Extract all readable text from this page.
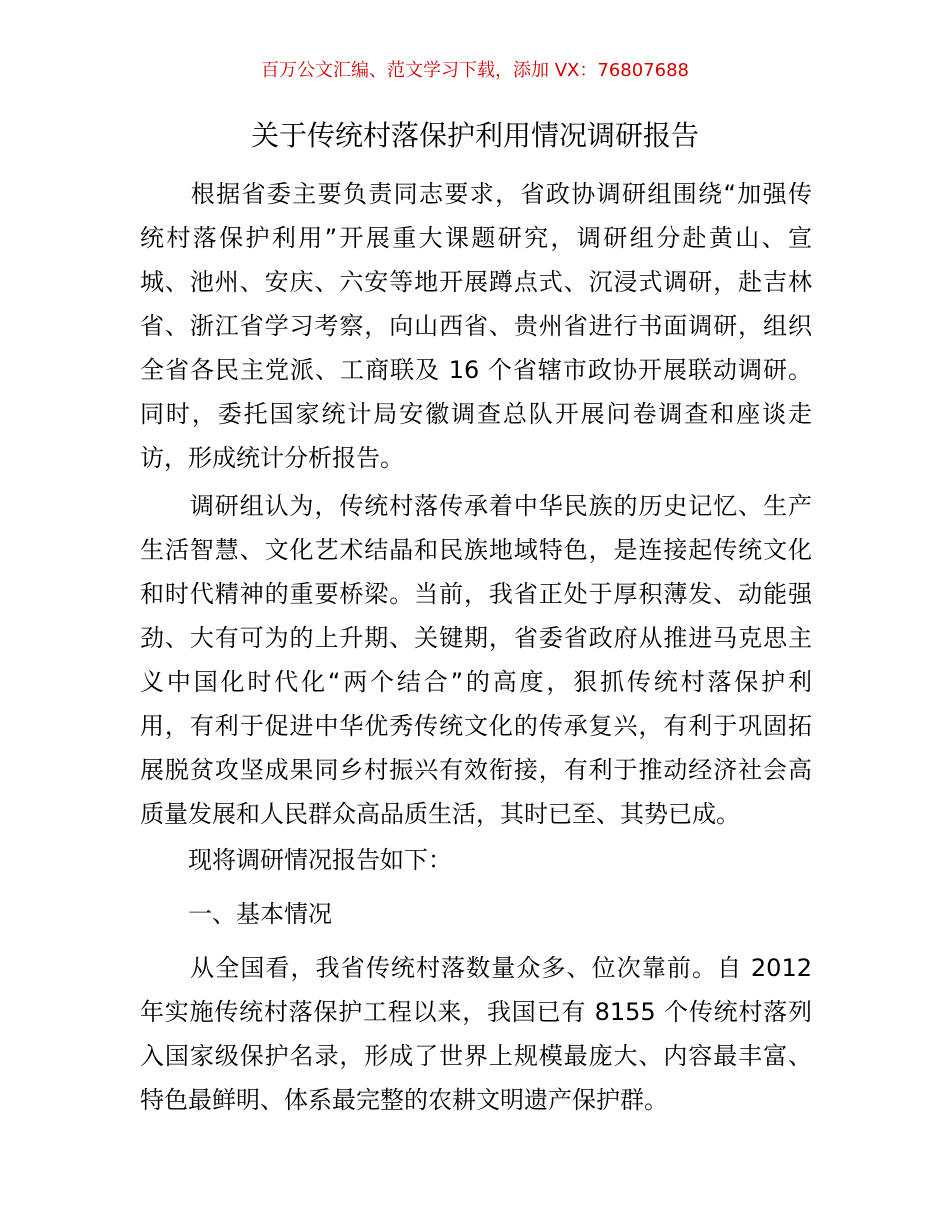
百万公文汇编、范文学习下载，添加 VX：76807688
关于传统村落保护利用情况调研报告
　　根据省委主要负责同志要求，省政协调研组围绕“加强传
统村落保护利用”开展重大课题研究，调研组分赴黄山、宣
城、池州、安庆、六安等地开展蹲点式、沉浸式调研，赴吉林
省、浙江省学习考察，向山西省、贵州省进行书面调研，组织
全省各民主党派、工商联及 16 个省辖市政协开展联动调研。
同时，委托国家统计局安徽调查总队开展问卷调查和座谈走
访，形成统计分析报告。
　　调研组认为，传统村落传承着中华民族的历史记忆、生产
生活智慧、文化艺术结晶和民族地域特色，是连接起传统文化
和时代精神的重要桥梁。当前，我省正处于厚积薄发、动能强
劲、大有可为的上升期、关键期，省委省政府从推进马克思主
义中国化时代化“两个结合”的高度，狠抓传统村落保护利
用，有利于促进中华优秀传统文化的传承复兴，有利于巩固拓
展脱贫攻坚成果同乡村振兴有效衔接，有利于推动经济社会高
质量发展和人民群众高品质生活，其时已至、其势已成。
　　现将调研情况报告如下：
　　一、基本情况
　　从全国看，我省传统村落数量众多、位次靠前。自 2012
年实施传统村落保护工程以来，我国已有 8155 个传统村落列
入国家级保护名录，形成了世界上规模最庞大、内容最丰富、
特色最鲜明、体系最完整的农耕文明遗产保护群。
